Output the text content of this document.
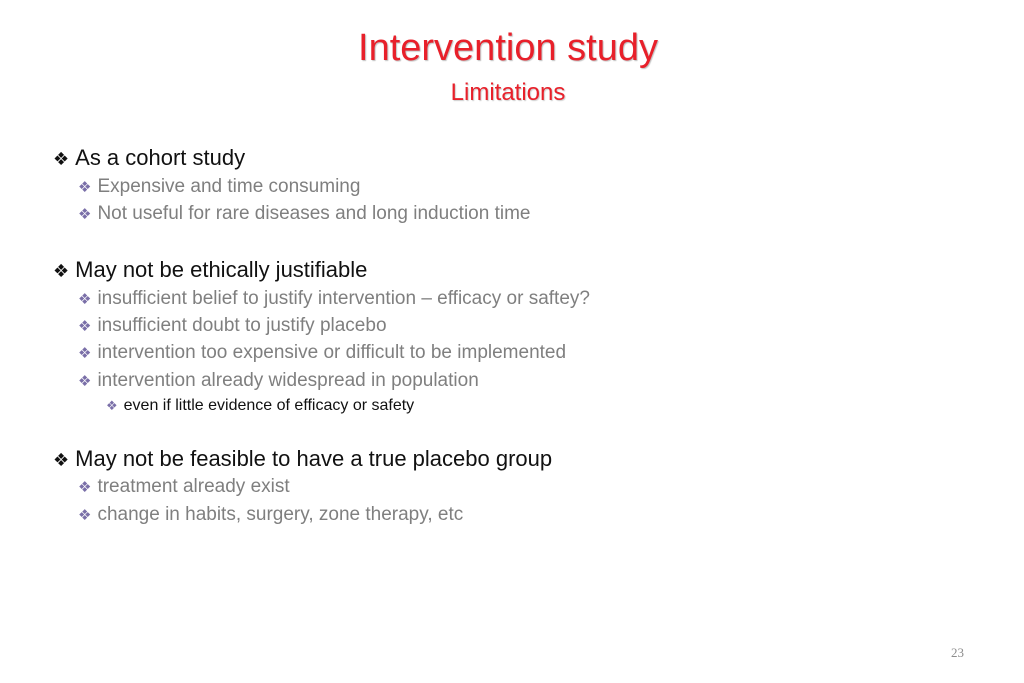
Intervention study
Limitations
❖ As a cohort study
❖ Expensive and time consuming
❖ Not useful for rare diseases and long induction time
❖ May not be ethically justifiable
❖ insufficient belief to justify intervention – efficacy or saftey?
❖ insufficient doubt to justify placebo
❖ intervention too expensive or difficult to be implemented
❖ intervention already widespread in population
❖ even if little evidence of efficacy or safety
❖ May not be feasible to have a true placebo group
❖ treatment already exist
❖ change in habits, surgery, zone therapy, etc
23
